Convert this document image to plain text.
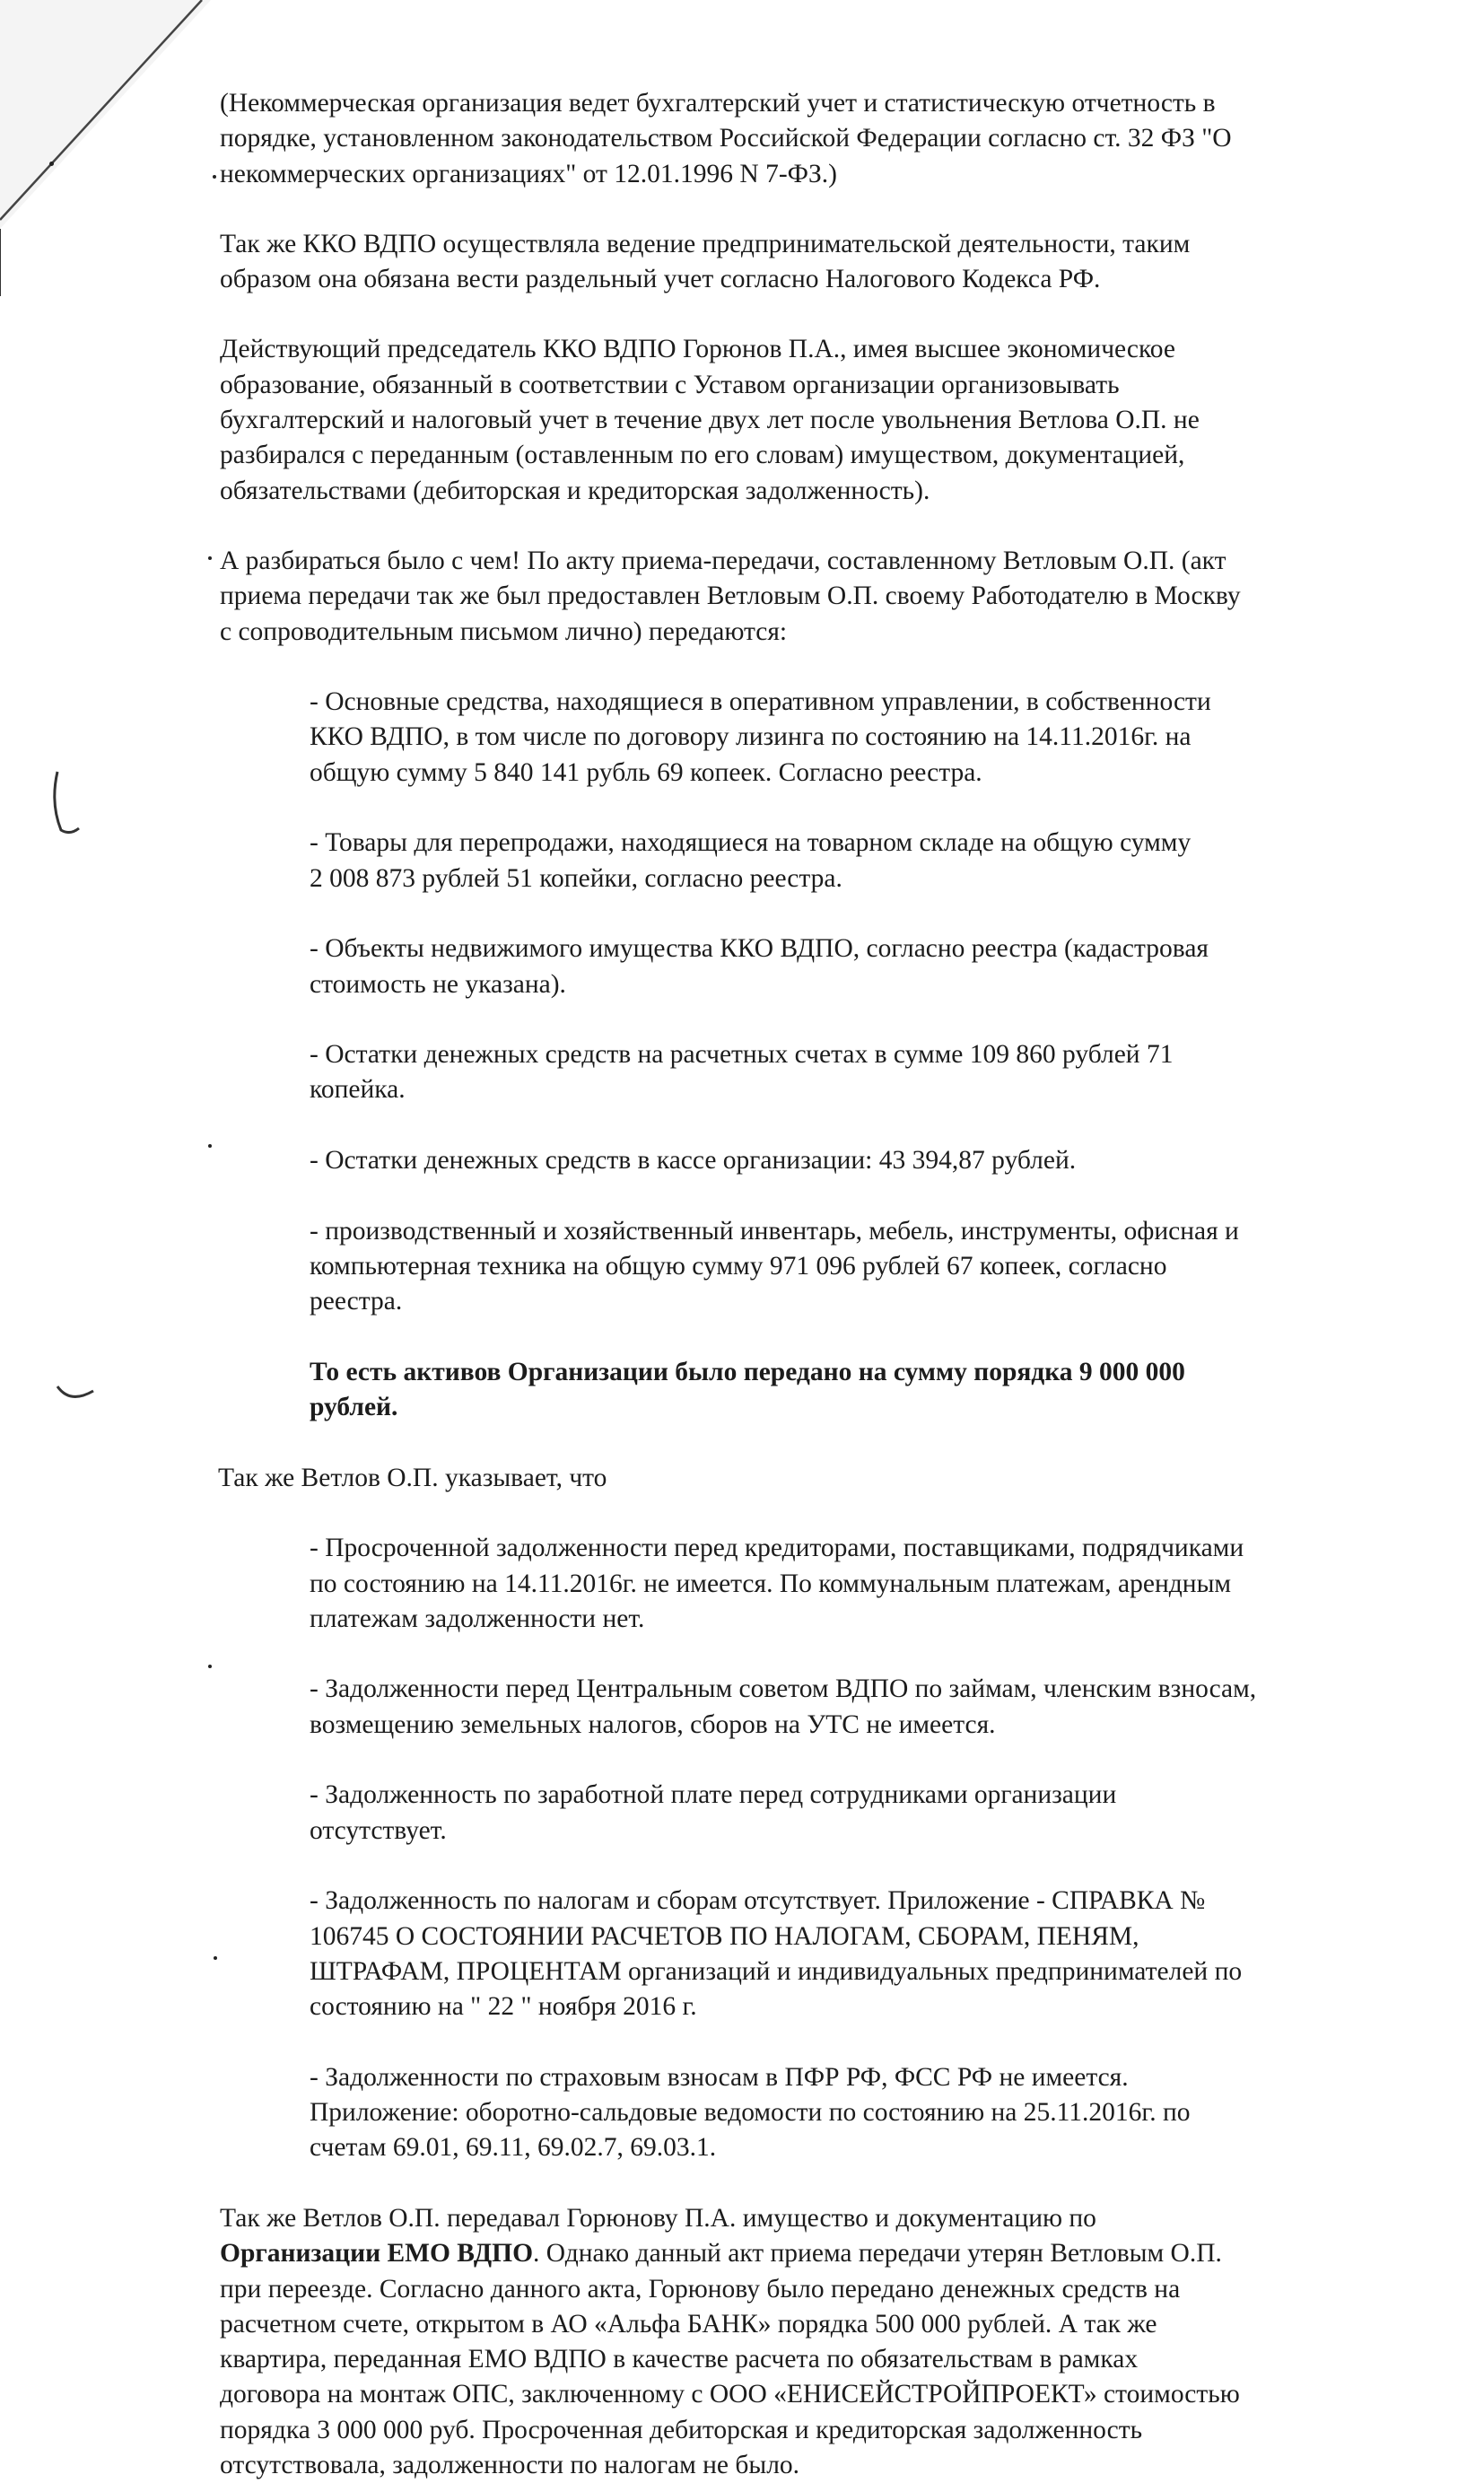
(Некоммерческая организация ведет бухгалтерский учет и статистическую отчетность в
порядке, установленном законодательством Российской Федерации согласно ст. 32 ФЗ "О
некоммерческих организациях" от 12.01.1996 N 7-ФЗ.)

Так же ККО ВДПО осуществляла ведение предпринимательской деятельности, таким
образом она обязана вести раздельный учет согласно Налогового Кодекса РФ.

Действующий председатель ККО ВДПО Горюнов П.А., имея высшее экономическое
образование, обязанный в соответствии с Уставом организации организовывать
бухгалтерский и налоговый учет в течение двух лет после увольнения Ветлова О.П. не
разбирался с переданным (оставленным по его словам) имуществом, документацией,
обязательствами (дебиторская и кредиторская задолженность).

А разбираться было с чем! По акту приема-передачи, составленному Ветловым О.П. (акт
приема передачи так же был предоставлен Ветловым О.П. своему Работодателю в Москву
с сопроводительным письмом лично) передаются:

- Основные средства, находящиеся в оперативном управлении, в собственности
ККО ВДПО, в том числе по договору лизинга по состоянию на 14.11.2016г. на
общую сумму 5 840 141 рубль 69 копеек. Согласно реестра.

- Товары для перепродажи, находящиеся на товарном складе на общую сумму
2 008 873 рублей 51 копейки, согласно реестра.

- Объекты недвижимого имущества ККО ВДПО, согласно реестра (кадастровая
стоимость не указана).

- Остатки денежных средств на расчетных счетах в сумме 109 860 рублей 71
копейка.

- Остатки денежных средств в кассе организации: 43 394,87 рублей.

- производственный и хозяйственный инвентарь, мебель, инструменты, офисная и
компьютерная техника на общую сумму 971 096 рублей 67 копеек, согласно
реестра.

То есть активов Организации было передано на сумму порядка 9 000 000
рублей.

Так же Ветлов О.П. указывает, что

- Просроченной задолженности перед кредиторами, поставщиками, подрядчиками
по состоянию на 14.11.2016г. не имеется. По коммунальным платежам, арендным
платежам задолженности нет.

- Задолженности перед Центральным советом ВДПО по займам, членским взносам,
возмещению земельных налогов, сборов на УТС не имеется.

- Задолженность по заработной плате перед сотрудниками организации
отсутствует.

- Задолженность по налогам и сборам отсутствует. Приложение - СПРАВКА №
106745 О СОСТОЯНИИ РАСЧЕТОВ ПО НАЛОГАМ, СБОРАМ, ПЕНЯМ,
ШТРАФАМ, ПРОЦЕНТАМ организаций и индивидуальных предпринимателей по
состоянию на " 22 " ноября 2016 г.

- Задолженности по страховым взносам в ПФР РФ, ФСС РФ не имеется.
Приложение: оборотно-сальдовые ведомости по состоянию на 25.11.2016г. по
счетам 69.01, 69.11, 69.02.7, 69.03.1.

Так же Ветлов О.П. передавал Горюнову П.А. имущество и документацию по
Организации ЕМО ВДПО. Однако данный акт приема передачи утерян Ветловым О.П.
при переезде. Согласно данного акта, Горюнову было передано денежных средств на
расчетном счете, открытом в АО «Альфа БАНК» порядка 500 000 рублей. А так же
квартира, переданная ЕМО ВДПО в качестве расчета по обязательствам в рамках
договора на монтаж ОПС, заключенному с ООО «ЕНИСЕЙСТРОЙПРОЕКТ» стоимостью
порядка 3 000 000 руб. Просроченная дебиторская и кредиторская задолженность
отсутствовала, задолженности по налогам не было.
